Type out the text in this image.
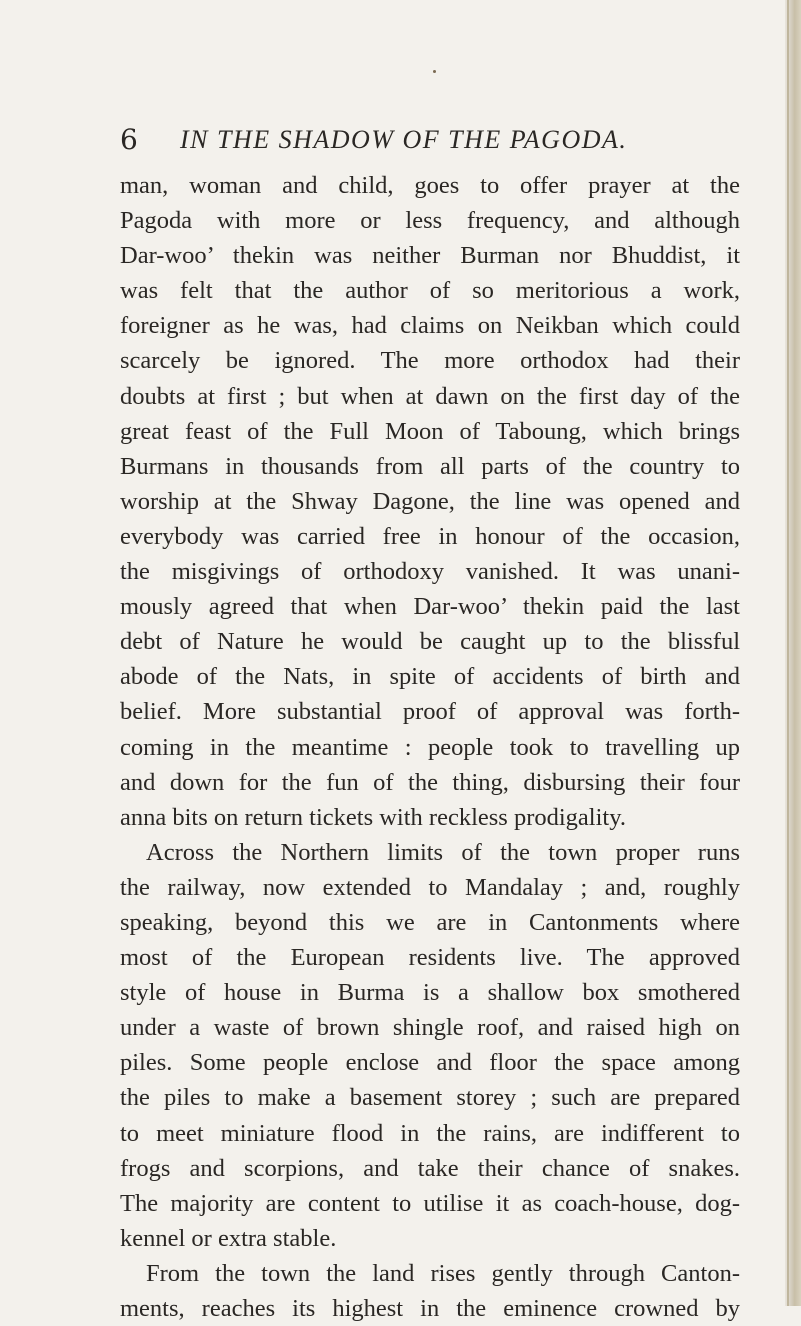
6 IN THE SHADOW OF THE PAGODA.
man, woman and child, goes to offer prayer at the
Pagoda with more or less frequency, and although
Dar-woo’ thekin was neither Burman nor Bhuddist, it
was felt that the author of so meritorious a work,
foreigner as he was, had claims on Neikban which could
scarcely be ignored. The more orthodox had their
doubts at first ; but when at dawn on the first day of the
great feast of the Full Moon of Taboung, which brings
Burmans in thousands from all parts of the country to
worship at the Shway Dagone, the line was opened and
everybody was carried free in honour of the occasion,
the misgivings of orthodoxy vanished. It was unani-
mously agreed that when Dar-woo’ thekin paid the last
debt of Nature he would be caught up to the blissful
abode of the Nats, in spite of accidents of birth and
belief. More substantial proof of approval was forth-
coming in the meantime : people took to travelling up
and down for the fun of the thing, disbursing their four
anna bits on return tickets with reckless prodigality.
Across the Northern limits of the town proper runs
the railway, now extended to Mandalay ; and, roughly
speaking, beyond this we are in Cantonments where
most of the European residents live. The approved
style of house in Burma is a shallow box smothered
under a waste of brown shingle roof, and raised high on
piles. Some people enclose and floor the space among
the piles to make a basement storey ; such are prepared
to meet miniature flood in the rains, are indifferent to
frogs and scorpions, and take their chance of snakes.
The majority are content to utilise it as coach-house, dog-
kennel or extra stable.
From the town the land rises gently through Canton-
ments, reaches its highest in the eminence crowned by
